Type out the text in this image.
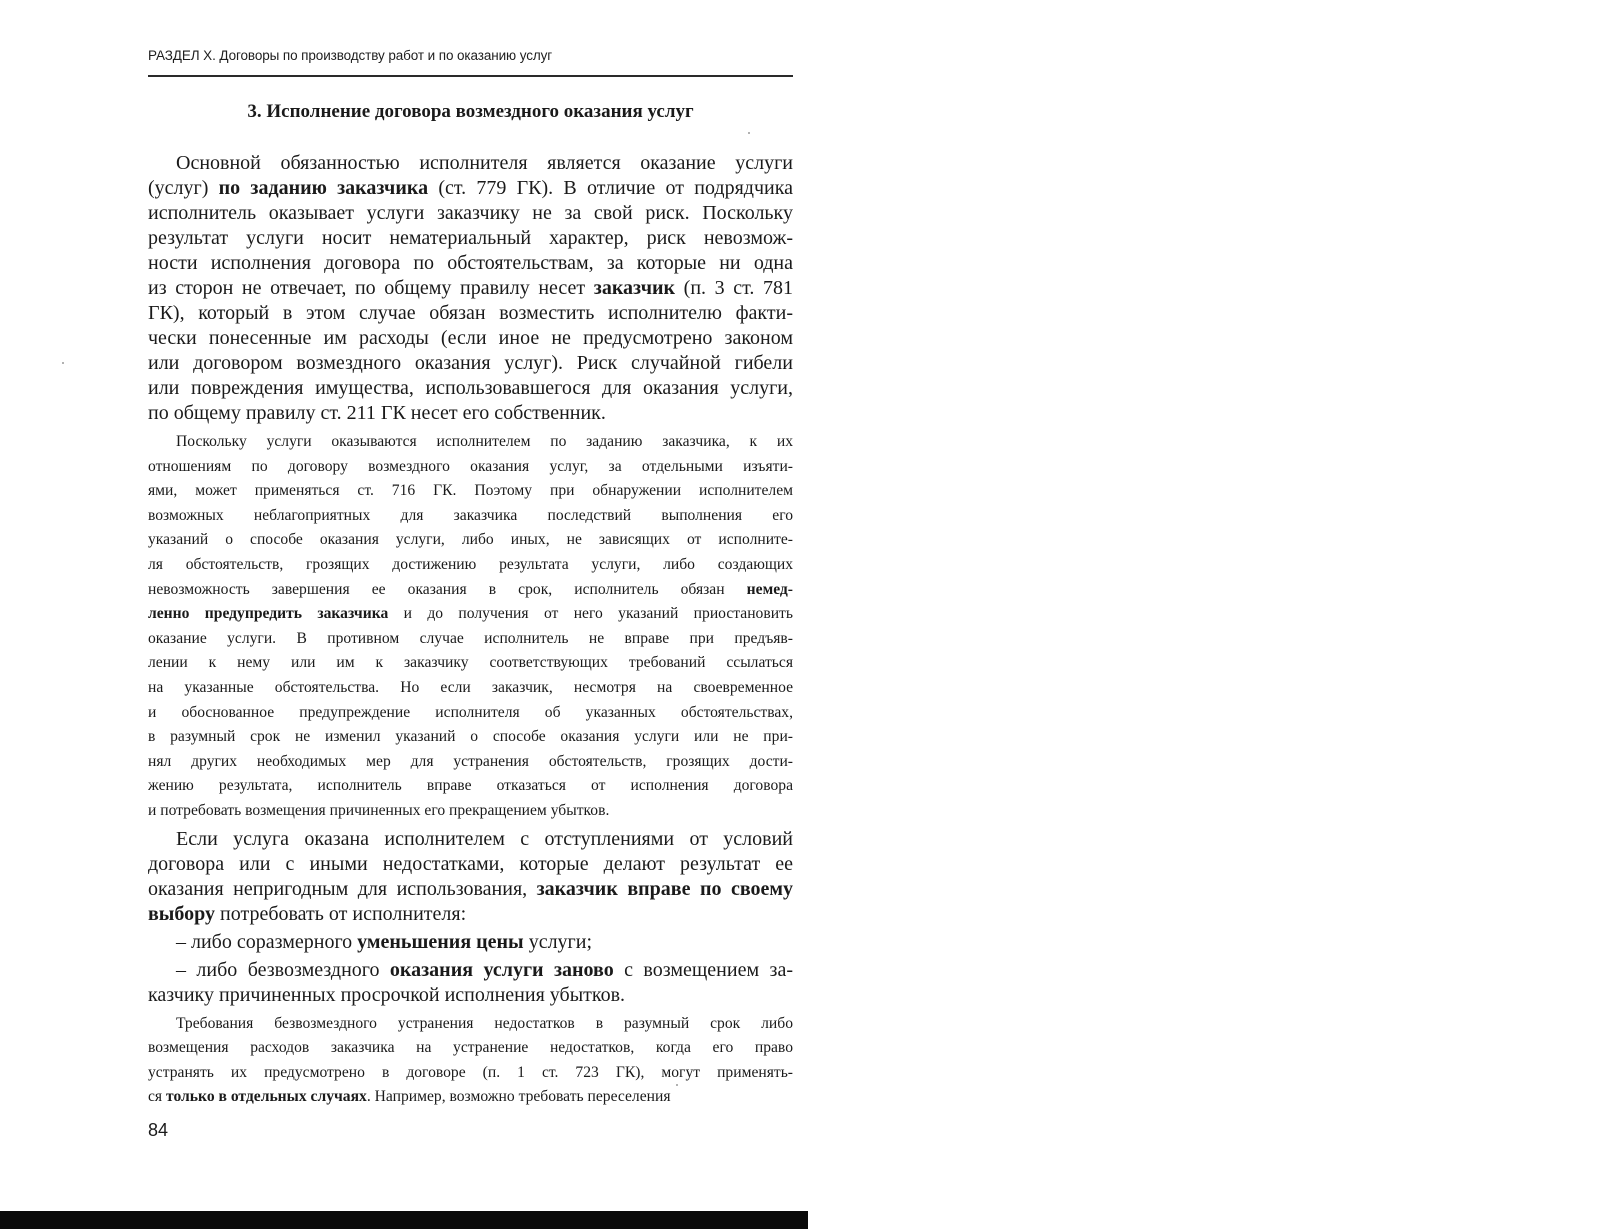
РАЗДЕЛ X. Договоры по производству работ и по оказанию услуг
3. Исполнение договора возмездного оказания услуг
Основной обязанностью исполнителя является оказание услуги
(услуг) по заданию заказчика (ст. 779 ГК). В отличие от подрядчика
исполнитель оказывает услуги заказчику не за свой риск. Поскольку
результат услуги носит нематериальный характер, риск невозмож-
ности исполнения договора по обстоятельствам, за которые ни одна
из сторон не отвечает, по общему правилу несет заказчик (п. 3 ст. 781
ГК), который в этом случае обязан возместить исполнителю факти-
чески понесенные им расходы (если иное не предусмотрено законом
или договором возмездного оказания услуг). Риск случайной гибели
или повреждения имущества, использовавшегося для оказания услуги,
по общему правилу ст. 211 ГК несет его собственник.
Поскольку услуги оказываются исполнителем по заданию заказчика, к их
отношениям по договору возмездного оказания услуг, за отдельными изъяти-
ями, может применяться ст. 716 ГК. Поэтому при обнаружении исполнителем
возможных неблагоприятных для заказчика последствий выполнения его
указаний о способе оказания услуги, либо иных, не зависящих от исполните-
ля обстоятельств, грозящих достижению результата услуги, либо создающих
невозможность завершения ее оказания в срок, исполнитель обязан немед-
ленно предупредить заказчика и до получения от него указаний приостановить
оказание услуги. В противном случае исполнитель не вправе при предъяв-
лении к нему или им к заказчику соответствующих требований ссылаться
на указанные обстоятельства. Но если заказчик, несмотря на своевременное
и обоснованное предупреждение исполнителя об указанных обстоятельствах,
в разумный срок не изменил указаний о способе оказания услуги или не при-
нял других необходимых мер для устранения обстоятельств, грозящих дости-
жению результата, исполнитель вправе отказаться от исполнения договора
и потребовать возмещения причиненных его прекращением убытков.
Если услуга оказана исполнителем с отступлениями от условий
договора или с иными недостатками, которые делают результат ее
оказания непригодным для использования, заказчик вправе по своему
выбору потребовать от исполнителя:
– либо соразмерного уменьшения цены услуги;
– либо безвозмездного оказания услуги заново с возмещением за-
казчику причиненных просрочкой исполнения убытков.
Требования безвозмездного устранения недостатков в разумный срок либо
возмещения расходов заказчика на устранение недостатков, когда его право
устранять их предусмотрено в договоре (п. 1 ст. 723 ГК), могут применять-
ся только в отдельных случаях. Например, возможно требовать переселения
84
